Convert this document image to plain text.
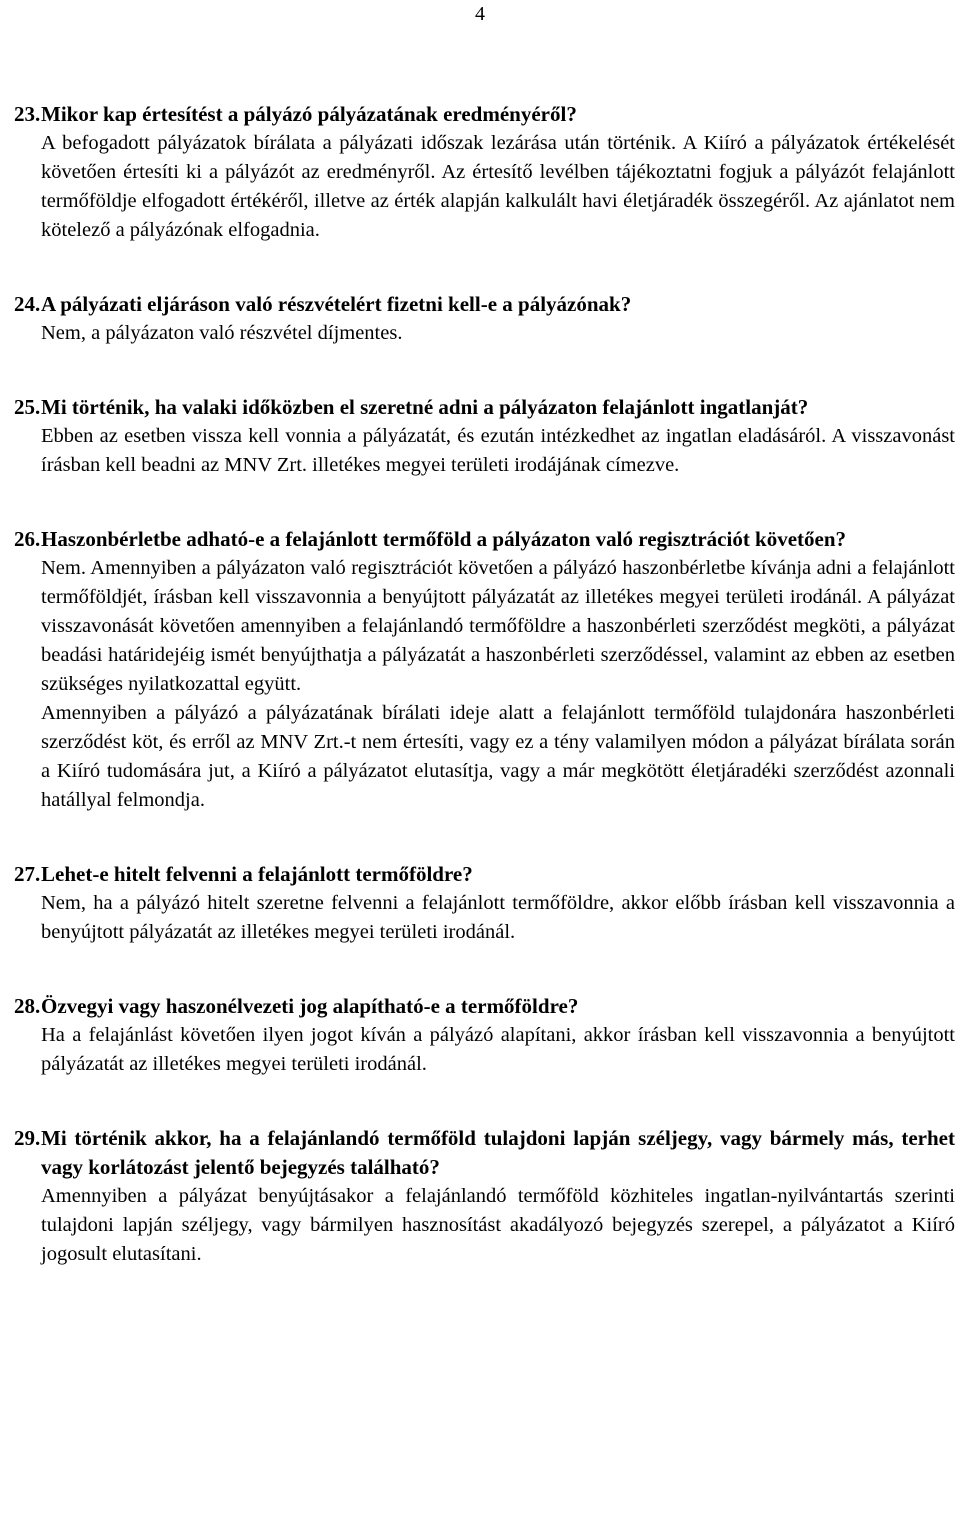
4
23. Mikor kap értesítést a pályázó pályázatának eredményéről?

A befogadott pályázatok bírálata a pályázati időszak lezárása után történik. A Kiíró a pályázatok értékelését követően értesíti ki a pályázót az eredményről. Az értesítő levélben tájékoztatni fogjuk a pályázót felajánlott termőföldje elfogadott értékéről, illetve az érték alapján kalkulált havi életjáradék összegéről. Az ajánlatot nem kötelező a pályázónak elfogadnia.

24. A pályázati eljáráson való részvételért fizetni kell-e a pályázónak?

Nem, a pályázaton való részvétel díjmentes.

25. Mi történik, ha valaki időközben el szeretné adni a pályázaton felajánlott ingatlanját?

Ebben az esetben vissza kell vonnia a pályázatát, és ezután intézkedhet az ingatlan eladásáról. A visszavonást írásban kell beadni az MNV Zrt. illetékes megyei területi irodájának címezve.

26. Haszonbérletbe adható-e a felajánlott termőföld a pályázaton való regisztrációt követően?

Nem. Amennyiben a pályázaton való regisztrációt követően a pályázó haszonbérletbe kívánja adni a felajánlott termőföldjét, írásban kell visszavonnia a benyújtott pályázatát az illetékes megyei területi irodánál. A pályázat visszavonását követően amennyiben a felajánlandó termőföldre a haszonbérleti szerződést megköti, a pályázat beadási határidejéig ismét benyújthatja a pályázatát a haszonbérleti szerződéssel, valamint az ebben az esetben szükséges nyilatkozattal együtt.

Amennyiben a pályázó a pályázatának bírálati ideje alatt a felajánlott termőföld tulajdonára haszonbérleti szerződést köt, és erről az MNV Zrt.-t nem értesíti, vagy ez a tény valamilyen módon a pályázat bírálata során a Kiíró tudomására jut, a Kiíró a pályázatot elutasítja, vagy a már megkötött életjáradéki szerződést azonnali hatállyal felmondja.

27. Lehet-e hitelt felvenni a felajánlott termőföldre?

Nem, ha a pályázó hitelt szeretne felvenni a felajánlott termőföldre, akkor előbb írásban kell visszavonnia a benyújtott pályázatát az illetékes megyei területi irodánál.

28. Özvegyi vagy haszonélvezeti jog alapítható-e a termőföldre?

Ha a felajánlást követően ilyen jogot kíván a pályázó alapítani, akkor írásban kell visszavonnia a benyújtott pályázatát az illetékes megyei területi irodánál.

29. Mi történik akkor, ha a felajánlandó termőföld tulajdoni lapján széljegy, vagy bármely más, terhet vagy korlátozást jelentő bejegyzés található?

Amennyiben a pályázat benyújtásakor a felajánlandó termőföld közhiteles ingatlan-nyilvántartás szerinti tulajdoni lapján széljegy, vagy bármilyen hasznosítást akadályozó bejegyzés szerepel, a pályázatot a Kiíró jogosult elutasítani.
